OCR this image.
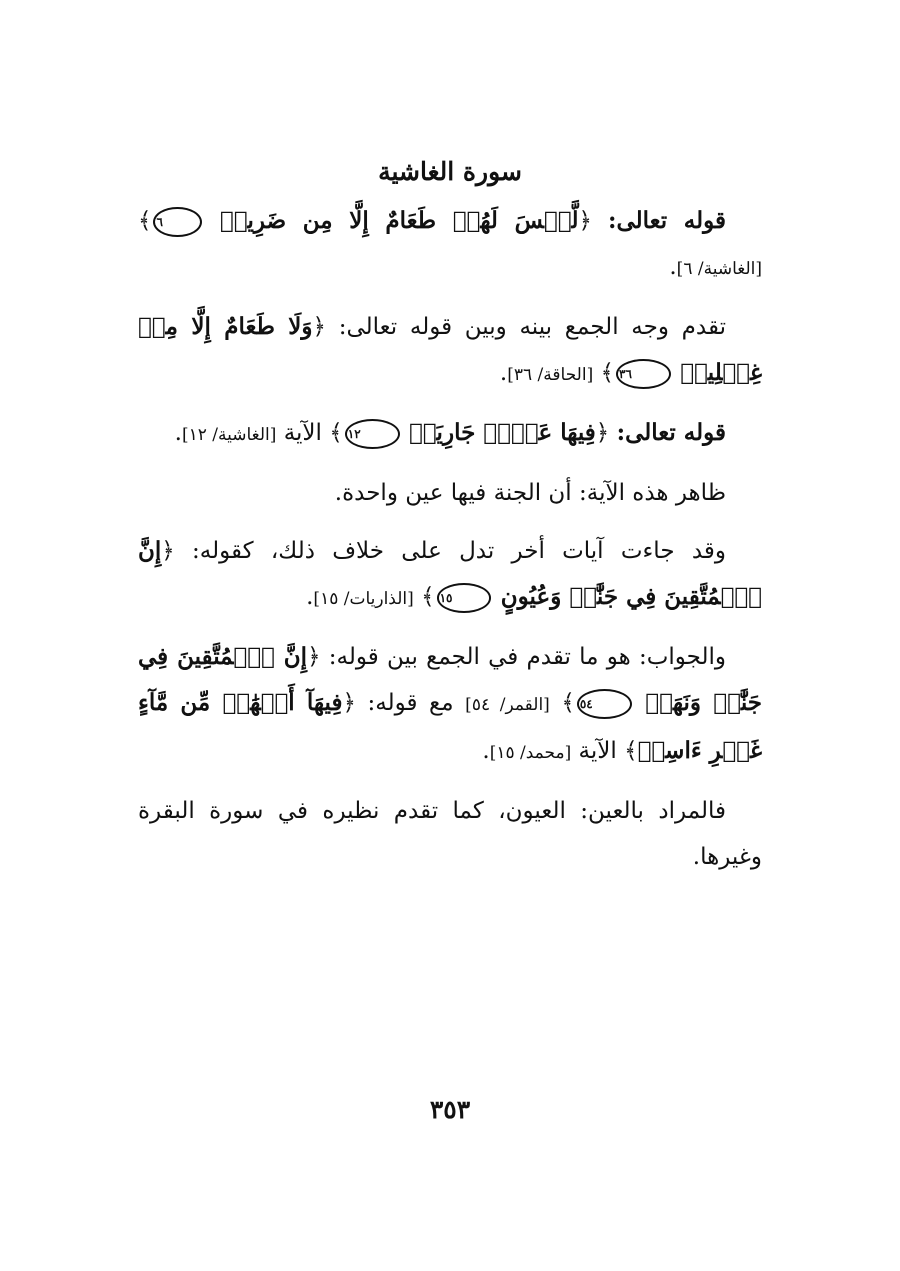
سورة الغاشية

قوله تعالى: ﴿لَّيۡسَ لَهُمۡ طَعَامٌ إِلَّا مِن ضَرِيعٖ ٦﴾ [الغاشية/ ٦].

تقدم وجه الجمع بينه وبين قوله تعالى: ﴿وَلَا طَعَامٌ إِلَّا مِنۡ غِسۡلِينٖ ٣٦﴾ [الحاقة/ ٣٦].

قوله تعالى: ﴿فِيهَا عَيۡنٞ جَارِيَةٞ ١٢﴾ الآية [الغاشية/ ١٢].

ظاهر هذه الآية: أن الجنة فيها عين واحدة.

وقد جاءت آيات أخر تدل على خلاف ذلك، كقوله: ﴿إِنَّ ٱلۡمُتَّقِينَ فِي جَنَّٰتٖ وَعُيُونٍ ١٥﴾ [الذاريات/ ١٥].

والجواب: هو ما تقدم في الجمع بين قوله: ﴿إِنَّ ٱلۡمُتَّقِينَ فِي جَنَّٰتٖ وَنَهَرٖ ٥٤﴾ [القمر/ ٥٤] مع قوله: ﴿فِيهَآ أَنۡهَٰرٞ مِّن مَّآءٍ غَيۡرِ ءَاسِنٖ﴾ الآية [محمد/ ١٥].

فالمراد بالعين: العيون، كما تقدم نظيره في سورة البقرة وغيرها.

٣٥٣
